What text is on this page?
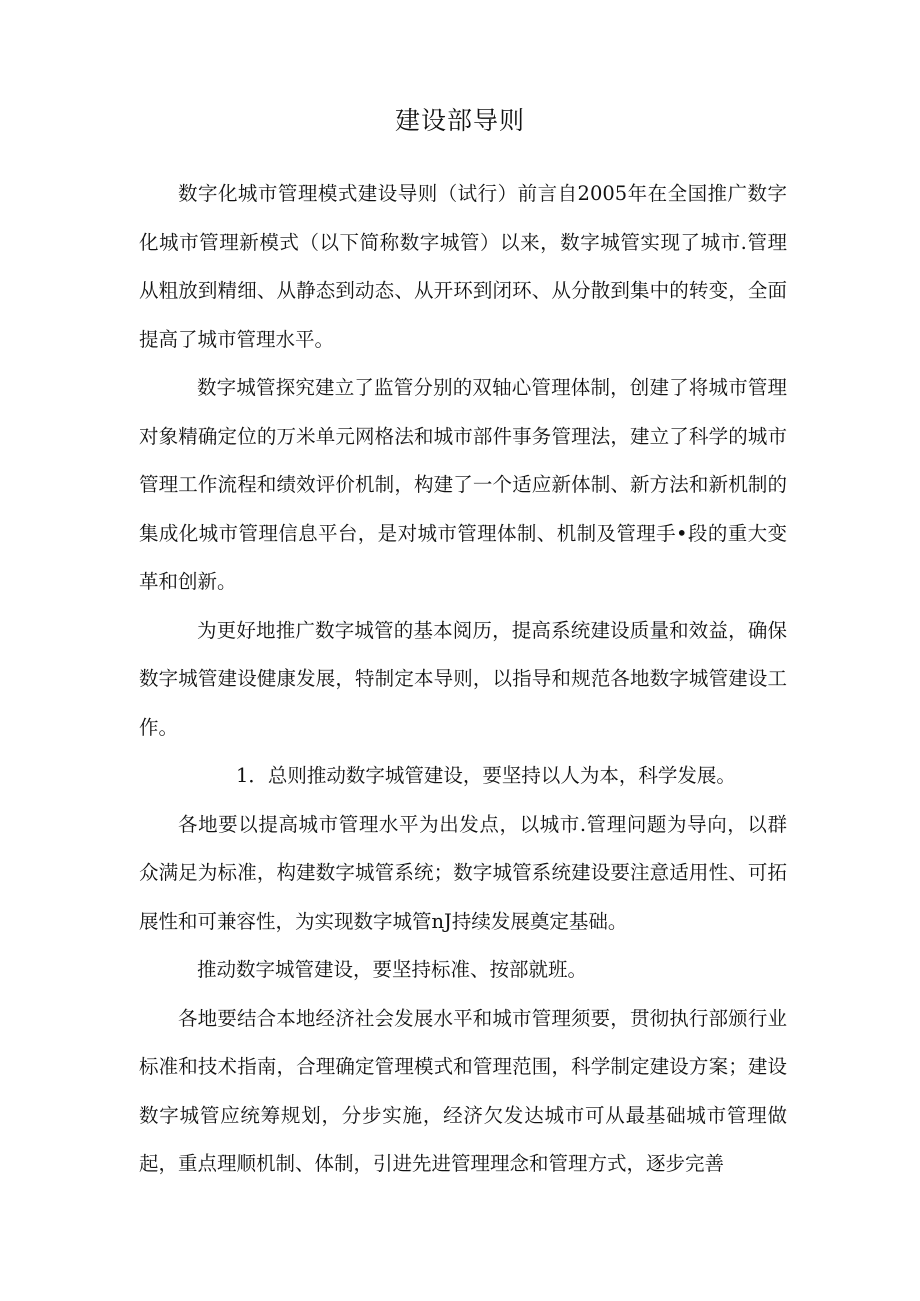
建设部导则

数字化城市管理模式建设导则（试行）前言自2005年在全国推广数字化城市管理新模式（以下简称数字城管）以来，数字城管实现了城市.管理从粗放到精细、从静态到动态、从开环到闭环、从分散到集中的转变，全面提高了城市管理水平。

数字城管探究建立了监管分别的双轴心管理体制，创建了将城市管理对象精确定位的万米单元网格法和城市部件事务管理法，建立了科学的城市管理工作流程和绩效评价机制，构建了一个适应新体制、新方法和新机制的集成化城市管理信息平台，是对城市管理体制、机制及管理手•段的重大变革和创新。

为更好地推广数字城管的基本阅历，提高系统建设质量和效益，确保数字城管建设健康发展，特制定本导则，以指导和规范各地数字城管建设工作。

1．总则推动数字城管建设，要坚持以人为本，科学发展。

各地要以提高城市管理水平为出发点，以城市.管理问题为导向，以群众满足为标准，构建数字城管系统；数字城管系统建设要注意适用性、可拓展性和可兼容性，为实现数字城管nJ持续发展奠定基础。

推动数字城管建设，要坚持标准、按部就班。

各地要结合本地经济社会发展水平和城市管理须要，贯彻执行部颁行业标准和技术指南，合理确定管理模式和管理范围，科学制定建设方案；建设数字城管应统筹规划，分步实施，经济欠发达城市可从最基础城市管理做起，重点理顺机制、体制，引进先进管理理念和管理方式，逐步完善
